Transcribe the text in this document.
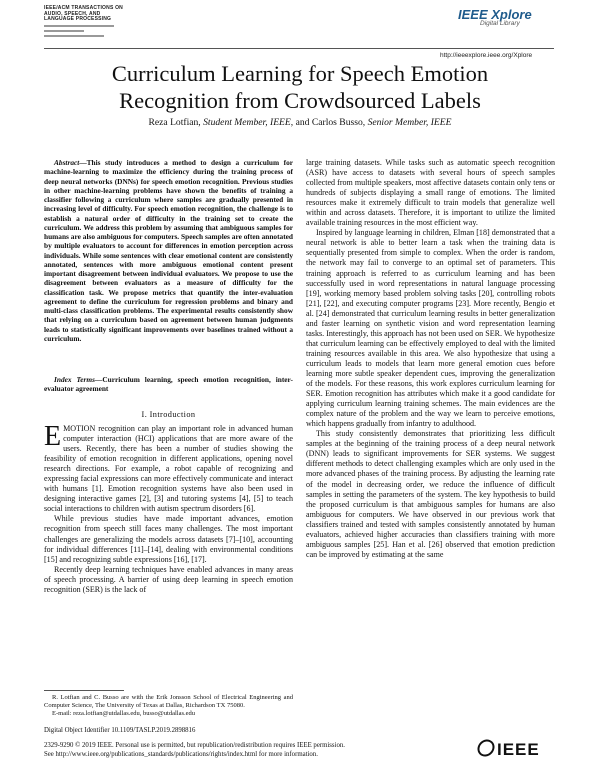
IEEE/ACM TRANSACTIONS ON
AUDIO, SPEECH, AND
LANGUAGE PROCESSING	IEEE Xplore
Digital Library
http://ieeexplore.ieee.org/Xplore
Curriculum Learning for Speech Emotion
Recognition from Crowdsourced Labels
Reza Lotfian, Student Member, IEEE, and Carlos Busso, Senior Member, IEEE
Abstract—This study introduces a method to design a curriculum for machine-learning to maximize the efficiency during the training process of deep neural networks (DNNs) for speech emotion recognition. Previous studies in other machine-learning problems have shown the benefits of training a classifier following a curriculum where samples are gradually presented in increasing level of difficulty. For speech emotion recognition, the challenge is to establish a natural order of difficulty in the training set to create the curriculum. We address this problem by assuming that ambiguous samples for humans are also ambiguous for computers. Speech samples are often annotated by multiple evaluators to account for differences in emotion perception across individuals. While some sentences with clear emotional content are consistently annotated, sentences with more ambiguous emotional content present important disagreement between individual evaluators. We propose to use the disagreement between evaluators as a measure of difficulty for the classification task. We propose metrics that quantify the inter-evaluation agreement to define the curriculum for regression problems and binary and multi-class classification problems. The experimental results consistently show that relying on a curriculum based on agreement between human judgments leads to statistically significant improvements over baselines trained without a curriculum.
Index Terms—Curriculum learning, speech emotion recognition, inter-evaluator agreement
I. Introduction

EMOTION recognition can play an important role in advanced human computer interaction (HCI) applications that are more aware of the users. Recently, there has been a number of studies showing the feasibility of emotion recognition in different applications, opening novel research directions. For example, a robot capable of recognizing and expressing facial expressions can more effectively communicate and interact with humans [1]. Emotion recognition systems have also been used in designing interactive games [2], [3] and tutoring systems [4], [5] to teach social interactions to children with autism spectrum disorders [6].

While previous studies have made important advances, emotion recognition from speech still faces many challenges. The most important challenges are generalizing the models across datasets [7]–[10], accounting for individual differences [11]–[14], dealing with environmental conditions [15] and recognizing subtle expressions [16], [17].

Recently deep learning techniques have enabled advances in many areas of speech processing. A barrier of using deep learning in speech emotion recognition (SER) is the lack of

large training datasets. While tasks such as automatic speech recognition (ASR) have access to datasets with several hours of speech samples collected from multiple speakers, most affective datasets contain only tens or hundreds of subjects displaying a small range of emotions. The limited resources make it extremely difficult to train models that generalize well within and across datasets. Therefore, it is important to utilize the limited available training resources in the most efficient way.

Inspired by language learning in children, Elman [18] demonstrated that a neural network is able to better learn a task when the training data is sequentially presented from simple to complex. When the order is random, the network may fail to converge to an optimal set of parameters. This training approach is referred to as curriculum learning and has been successfully used in word representations in natural language processing [19], working memory based problem solving tasks [20], controlling robots [21], [22], and executing computer programs [23]. More recently, Bengio et al. [24] demonstrated that curriculum learning results in better generalization and faster learning on synthetic vision and word representation learning tasks. Interestingly, this approach has not been used on SER. We hypothesize that curriculum learning can be effectively employed to deal with the limited training resources available in this area. We also hypothesize that using a curriculum leads to models that learn more general emotion cues before learning more subtle speaker dependent cues, improving the generalization of the models. For these reasons, this work explores curriculum learning for SER. Emotion recognition has attributes which make it a good candidate for applying curriculum learning training schemes. The main evidences are the complex nature of the problem and the way we learn to perceive emotions, which happens gradually from infantry to adulthood.

This study consistently demonstrates that prioritizing less difficult samples at the beginning of the training process of a deep neural network (DNN) leads to significant improvements for SER systems. We suggest different methods to detect challenging examples which are only used in the more advanced phases of the training process. By adjusting the learning rate of the model in decreasing order, we reduce the influence of difficult samples in setting the parameters of the system. The key hypothesis to build the proposed curriculum is that ambiguous samples for humans are also ambiguous for computers. We have observed in our previous work that classifiers trained and tested with samples consistently annotated by human evaluators, achieved higher accuracies than classifiers training with more ambiguous samples [25]. Han et al. [26] observed that emotion prediction can be improved by estimating at the same

R. Lotfian and C. Busso are with the Erik Jonsson School of Electrical Engineering and Computer Science, The University of Texas at Dallas, Richardson TX 75080.

E-mail: reza.lotfian@utdallas.edu, busso@utdallas.edu

Digital Object Identifier 10.1109/TASLP.2019.2898816
2329-9290 © 2019 IEEE. Personal use is permitted, but republication/redistribution requires IEEE permission.
See http://www.ieee.org/publications_standards/publications/rights/index.html for more information.	IEEE
